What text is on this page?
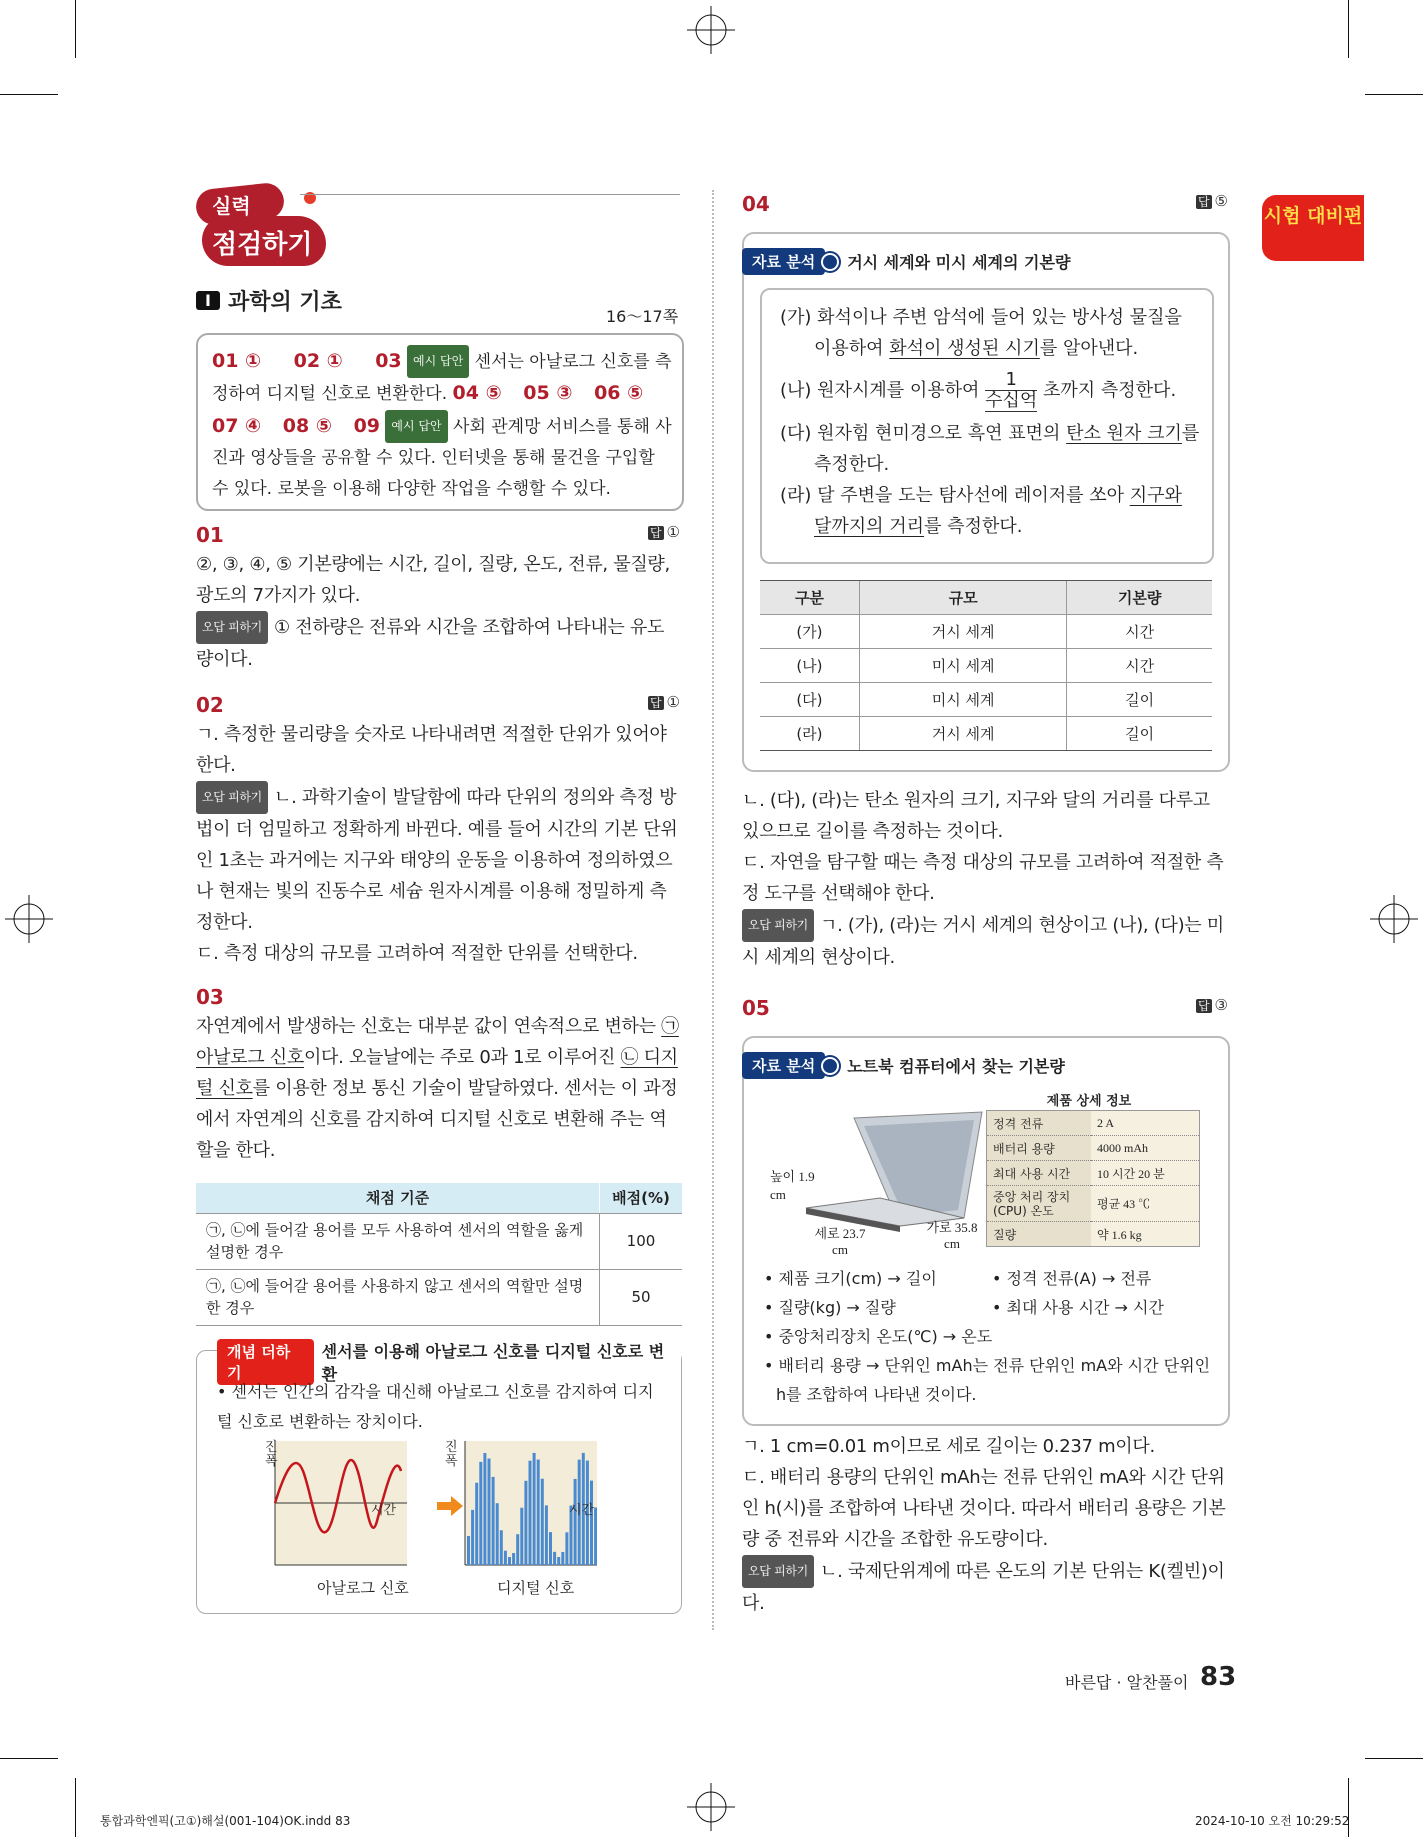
시험 대비편
실력
점검하기
I 과학의 기초
16～17쪽
01 ① 02 ① 03 예시 답안 센서는 아날로그 신호를 측정하여 디지털 신호로 변환한다. 04 ⑤ 05 ③ 06 ⑤    07 ④ 08 ⑤ 09 예시 답안 사회 관계망 서비스를 통해 사진과 영상들을 공유할 수 있다. 인터넷을 통해 물건을 구입할 수 있다. 로봇을 이용해 다양한 작업을 수행할 수 있다.
01	답 ①
②, ③, ④, ⑤ 기본량에는 시간, 길이, 질량, 온도, 전류, 물질량, 광도의 7가지가 있다.
오답 피하기 ① 전하량은 전류와 시간을 조합하여 나타내는 유도량이다.
02	답 ①
ㄱ. 측정한 물리량을 숫자로 나타내려면 적절한 단위가 있어야 한다.
오답 피하기 ㄴ. 과학기술이 발달함에 따라 단위의 정의와 측정 방법이 더 엄밀하고 정확하게 바뀐다. 예를 들어 시간의 기본 단위인 1초는 과거에는 지구와 태양의 운동을 이용하여 정의하였으나 현재는 빛의 진동수로 세슘 원자시계를 이용해 정밀하게 측정한다.
ㄷ. 측정 대상의 규모를 고려하여 적절한 단위를 선택한다.
03
자연계에서 발생하는 신호는 대부분 값이 연속적으로 변하는 ㉠ 아날로그 신호이다. 오늘날에는 주로 0과 1로 이루어진 ㉡ 디지털 신호를 이용한 정보 통신 기술이 발달하였다. 센서는 이 과정에서 자연계의 신호를 감지하여 디지털 신호로 변환해 주는 역할을 한다.
채점 기준	배점(%)
㉠, ㉡에 들어갈 용어를 모두 사용하여 센서의 역할을 옳게 설명한 경우	100
㉠, ㉡에 들어갈 용어를 사용하지 않고 센서의 역할만 설명한 경우	50
개념 더하기
센서를 이용해 아날로그 신호를 디지털 신호로 변환
• 센서는 인간의 감각을 대신해 아날로그 신호를 감지하여 디지털 신호로 변환하는 장치이다.
진폭
시간
진폭
시간
아날로그 신호	디지털 신호
04	답 ⑤
자료 분석	거시 세계와 미시 세계의 기본량
(가) 화석이나 주변 암석에 들어 있는 방사성 물질을 이용하여 화석이 생성된 시기를 알아낸다.
(나) 원자시계를 이용하여
1
수십억 초까지 측정한다.
(다) 원자힘 현미경으로 흑연 표면의 탄소 원자 크기를 측정한다.
(라) 달 주변을 도는 탐사선에 레이저를 쏘아 지구와 달까지의 거리를 측정한다.
구분	규모	기본량
(가)	거시 세계	시간
(나)	미시 세계	시간
(다)	미시 세계	길이
(라)	거시 세계	길이
ㄴ. (다), (라)는 탄소 원자의 크기, 지구와 달의 거리를 다루고 있으므로 길이를 측정하는 것이다.
ㄷ. 자연을 탐구할 때는 측정 대상의 규모를 고려하여 적절한 측정 도구를 선택해야 한다.
오답 피하기 ㄱ. (가), (라)는 거시 세계의 현상이고 (나), (다)는 미시 세계의 현상이다.
05	답 ③
자료 분석	노트북 컴퓨터에서 찾는 기본량
높이 1.9 cm
세로 23.7 cm
가로 35.8 cm
제품 상세 정보
정격 전류	2 A
배터리 용량	4000 mAh
최대 사용 시간	10 시간 20 분
중앙 처리 장치 (CPU) 온도	평균 43 ℃
질량	약 1.6 kg
• 제품 크기(cm) → 길이	• 정격 전류(A) → 전류
• 질량(kg) → 질량	• 최대 사용 시간 → 시간
• 중앙처리장치 온도(℃) → 온도
• 배터리 용량 → 단위인 mAh는 전류 단위인 mA와 시간 단위인 h를 조합하여 나타낸 것이다.
ㄱ. 1 cm=0.01 m이므로 세로 길이는 0.237 m이다.
ㄷ. 배터리 용량의 단위인 mAh는 전류 단위인 mA와 시간 단위인 h(시)를 조합하여 나타낸 것이다. 따라서 배터리 용량은 기본량 중 전류와 시간을 조합한 유도량이다.
오답 피하기 ㄴ. 국제단위계에 따른 온도의 기본 단위는 K(켈빈)이다.
바른답 · 알찬풀이 83
통합과학엔픽(고①)해설(001-104)OK.indd 83	2024-10-10 오전 10:29:52
